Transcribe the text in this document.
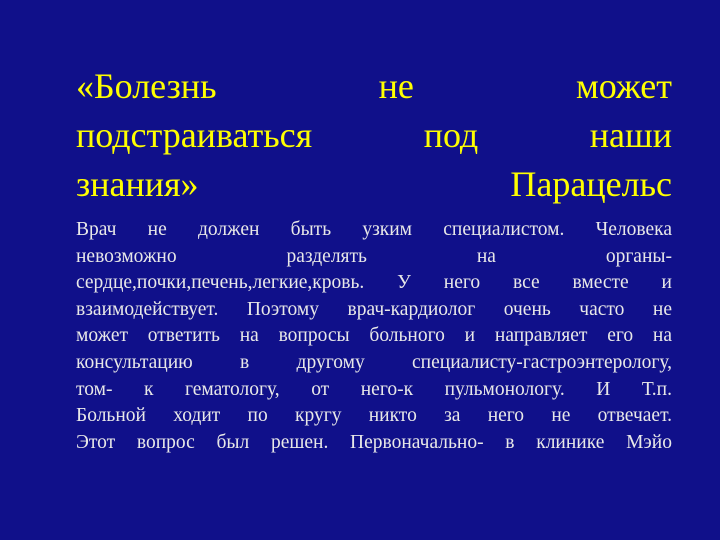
«Болезнь не может
подстраиваться под наши
знания» Парацельс
Врач не должен быть узким специалистом. Человека
невозможно разделять на органы-
сердце,почки,печень,легкие,кровь. У него все вместе и
взаимодействует. Поэтому врач-кардиолог очень часто не
может ответить на вопросы больного и направляет его на
консультацию в другому специалисту-гастроэнтерологу,
том- к гематологу, от него-к пульмонологу. И Т.п.
Больной ходит по кругу никто за него не отвечает.
Этот вопрос был решен. Первоначально- в клинике Мэйо
